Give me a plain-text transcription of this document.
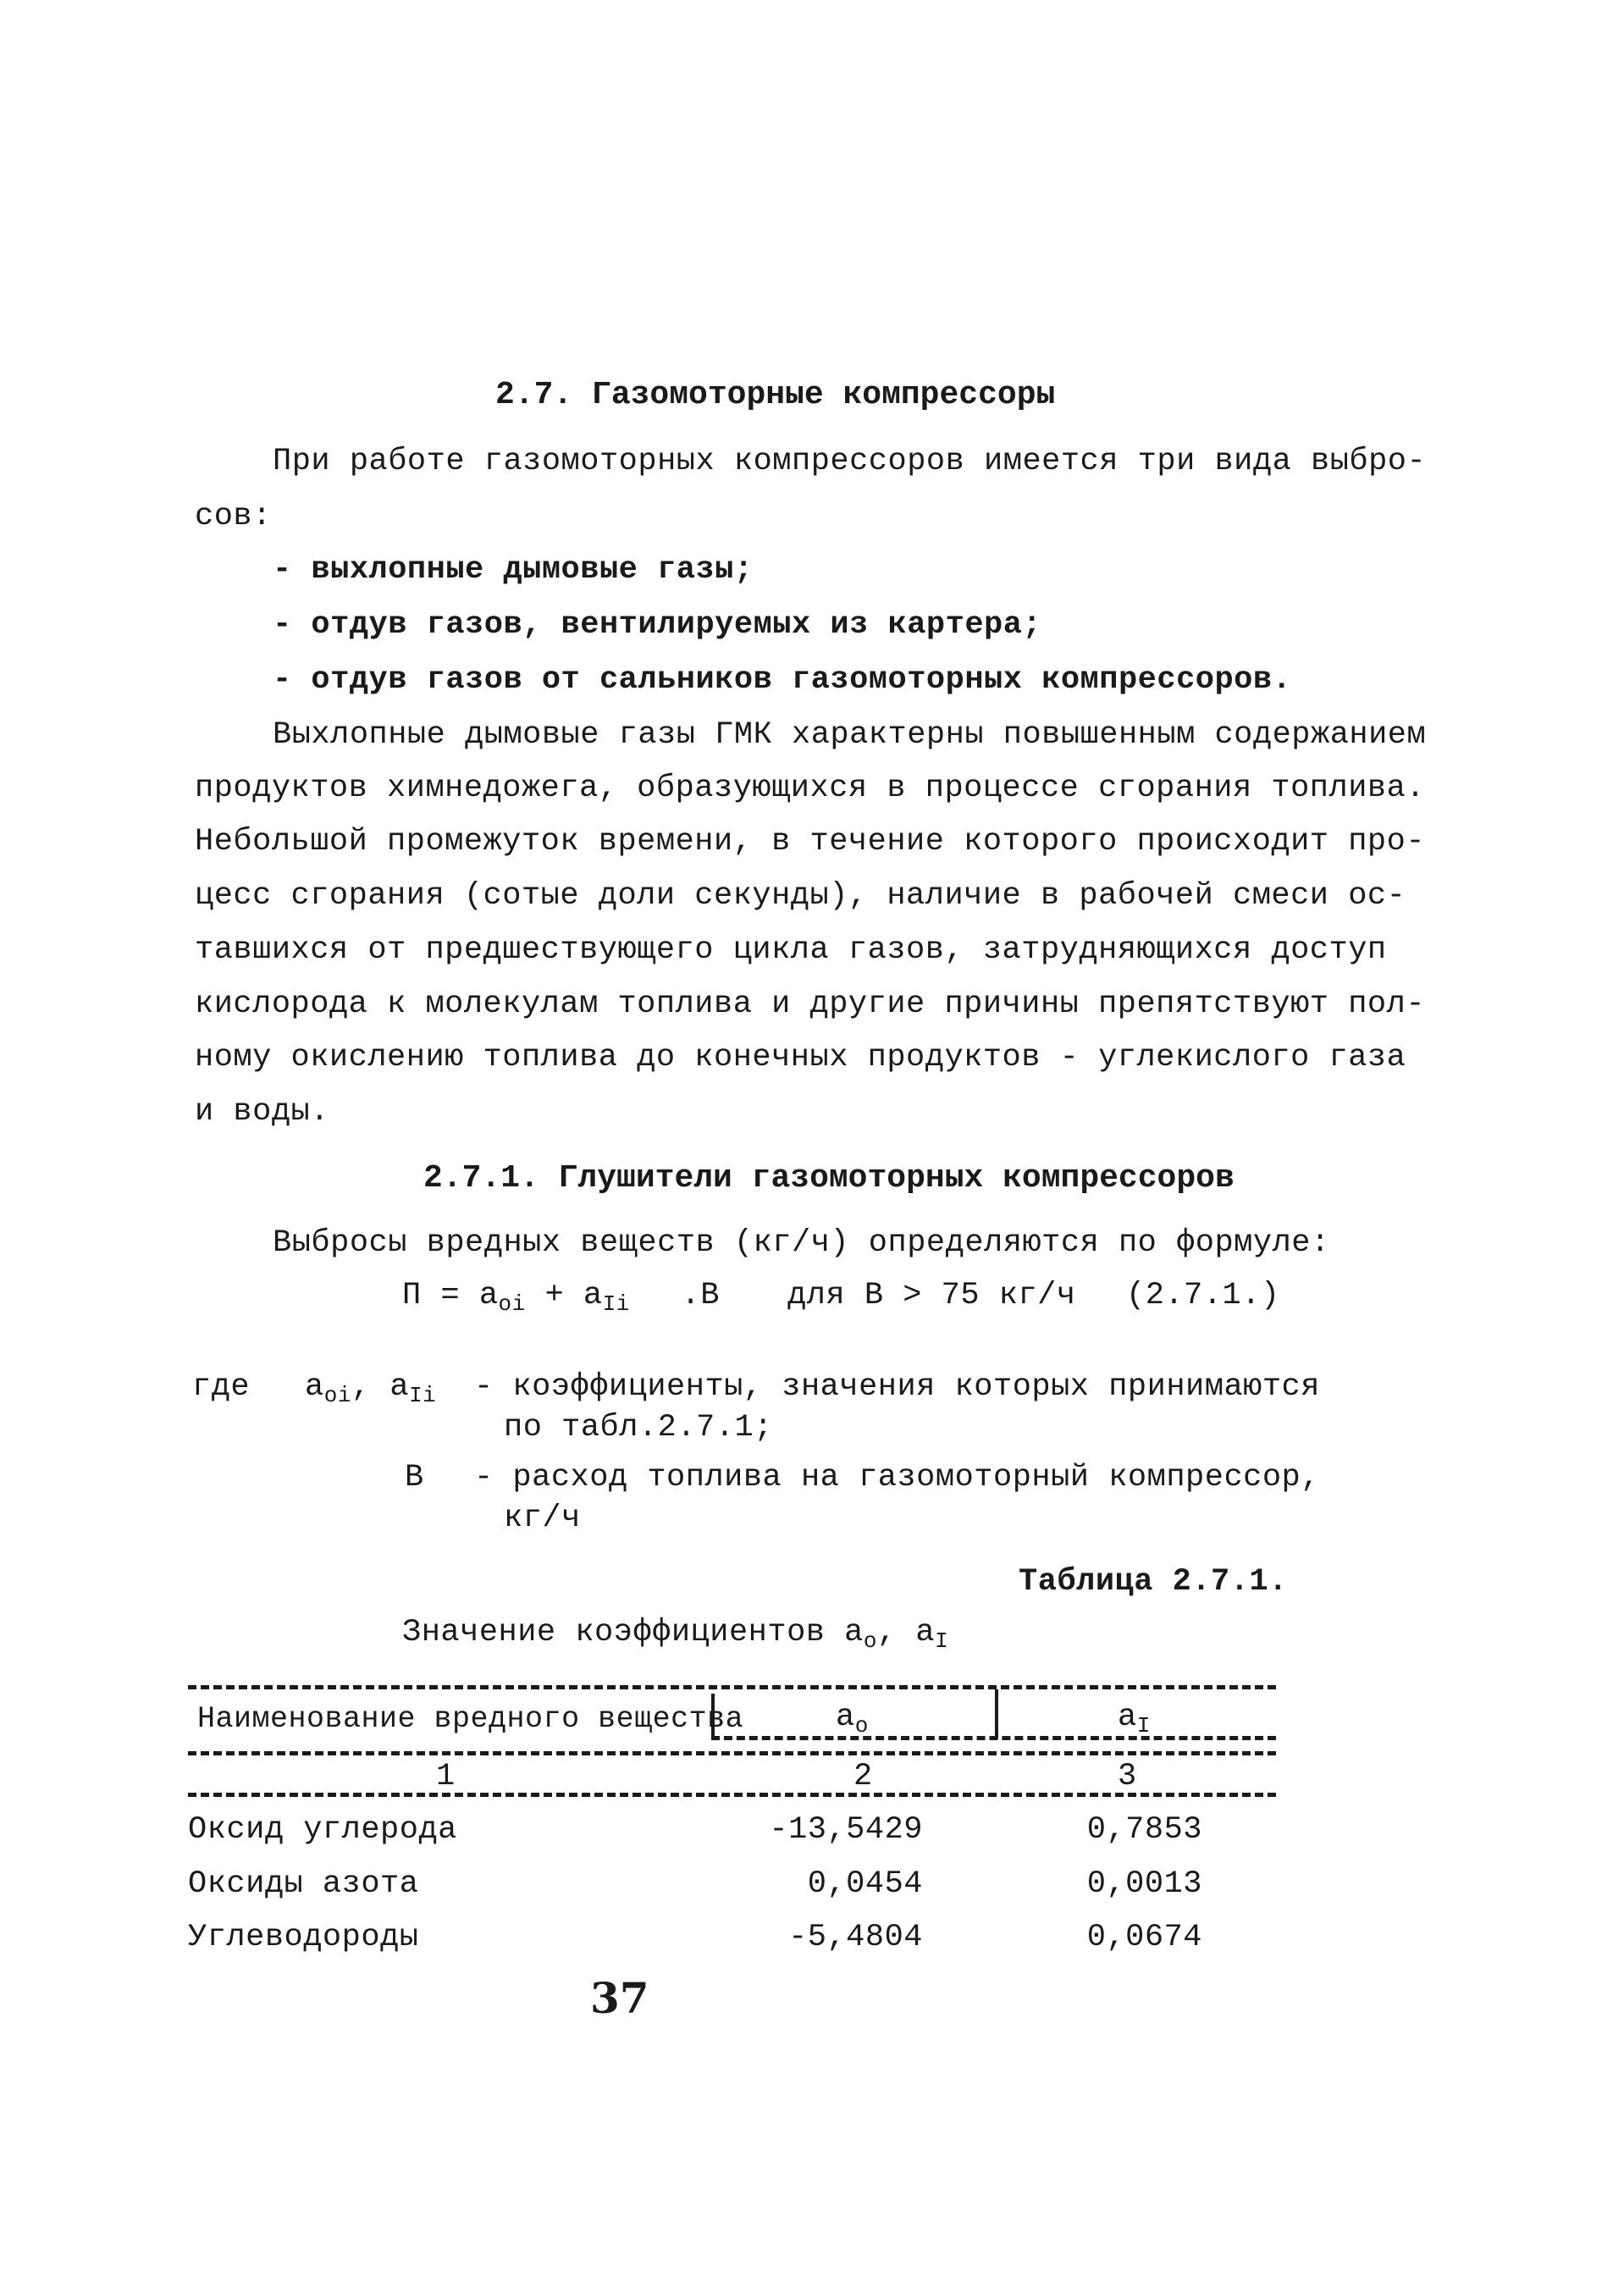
2.7. Газомоторные компрессоры
При работе газомоторных компрессоров имеется три вида выбро-
сов:
- выхлопные дымовые газы;
- отдув газов, вентилируемых из картера;
- отдув газов от сальников газомоторных компрессоров.
Выхлопные дымовые газы ГМК характерны повышенным содержанием
продуктов химнедожега, образующихся в процессе сгорания топлива.
Небольшой промежуток времени, в течение которого происходит про-
цесс сгорания (сотые доли секунды), наличие в рабочей смеси ос-
тавшихся от предшествующего цикла газов, затрудняющихся доступ
кислорода к молекулам топлива и другие причины препятствуют пол-
ному окислению топлива до конечных продуктов - углекислого газа
и воды.
2.7.1. Глушители газомоторных компрессоров
Выбросы вредных веществ (кг/ч) определяются по формуле:
$П = a_{оi} + a_{Ii}$ .В для В > 75 кг/ч (2.7.1.)
где $a_{oi}$, $a_{Ii}$ - коэффициенты, значения которых принимаются
по табл.2.7.1;
В - расход топлива на газомоторный компрессор,
кг/ч
Таблица 2.7.1.
Значение коэффициентов $a_o$, $a_I$
Наименование вредного вещества	$a_o$	$a_I$
1	2	3
Оксид углерода	-13,5429	0,7853
Оксиды азота	0,0454	0,0013
Углеводороды	-5,4804	0,0674
37
